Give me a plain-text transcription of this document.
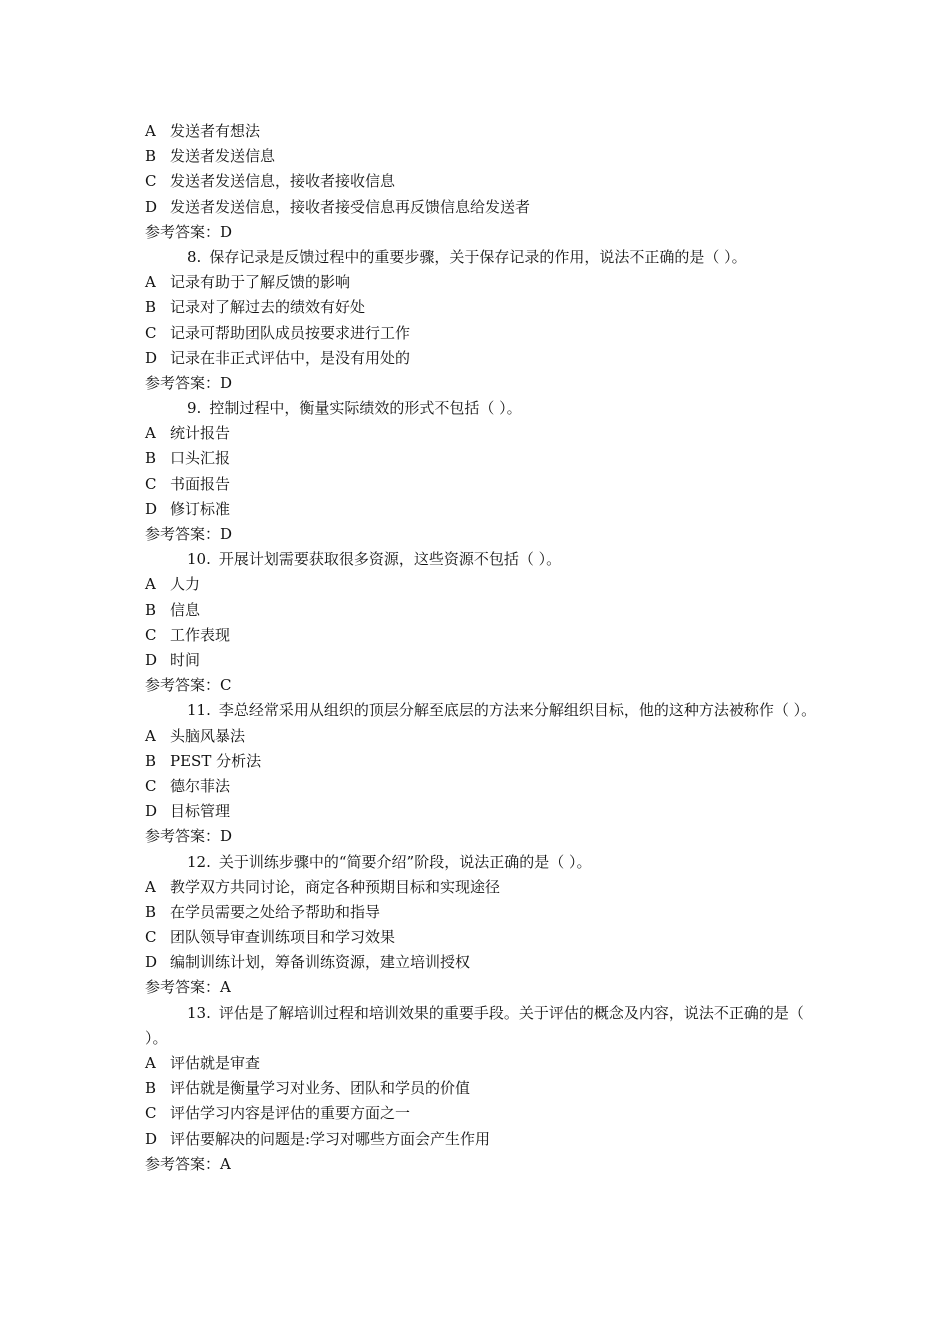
A 发送者有想法
B 发送者发送信息
C 发送者发送信息，接收者接收信息
D 发送者发送信息，接收者接受信息再反馈信息给发送者
参考答案：D
8. 保存记录是反馈过程中的重要步骤，关于保存记录的作用，说法不正确的是（ ）。
A 记录有助于了解反馈的影响
B 记录对了解过去的绩效有好处
C 记录可帮助团队成员按要求进行工作
D 记录在非正式评估中，是没有用处的
参考答案：D
9. 控制过程中，衡量实际绩效的形式不包括（ ）。
A 统计报告
B 口头汇报
C 书面报告
D 修订标准
参考答案：D
10. 开展计划需要获取很多资源，这些资源不包括（ ）。
A 人力
B 信息
C 工作表现
D 时间
参考答案：C
11. 李总经常采用从组织的顶层分解至底层的方法来分解组织目标，他的这种方法被称作（ ）。
A 头脑风暴法
B PEST 分析法
C 德尔菲法
D 目标管理
参考答案：D
12. 关于训练步骤中的“简要介绍”阶段，说法正确的是（ ）。
A 教学双方共同讨论，商定各种预期目标和实现途径
B 在学员需要之处给予帮助和指导
C 团队领导审查训练项目和学习效果
D 编制训练计划，筹备训练资源，建立培训授权
参考答案：A
13. 评估是了解培训过程和培训效果的重要手段。关于评估的概念及内容，说法不正确的是（ ）。
A 评估就是审查
B 评估就是衡量学习对业务、团队和学员的价值
C 评估学习内容是评估的重要方面之一
D 评估要解决的问题是:学习对哪些方面会产生作用
参考答案：A
